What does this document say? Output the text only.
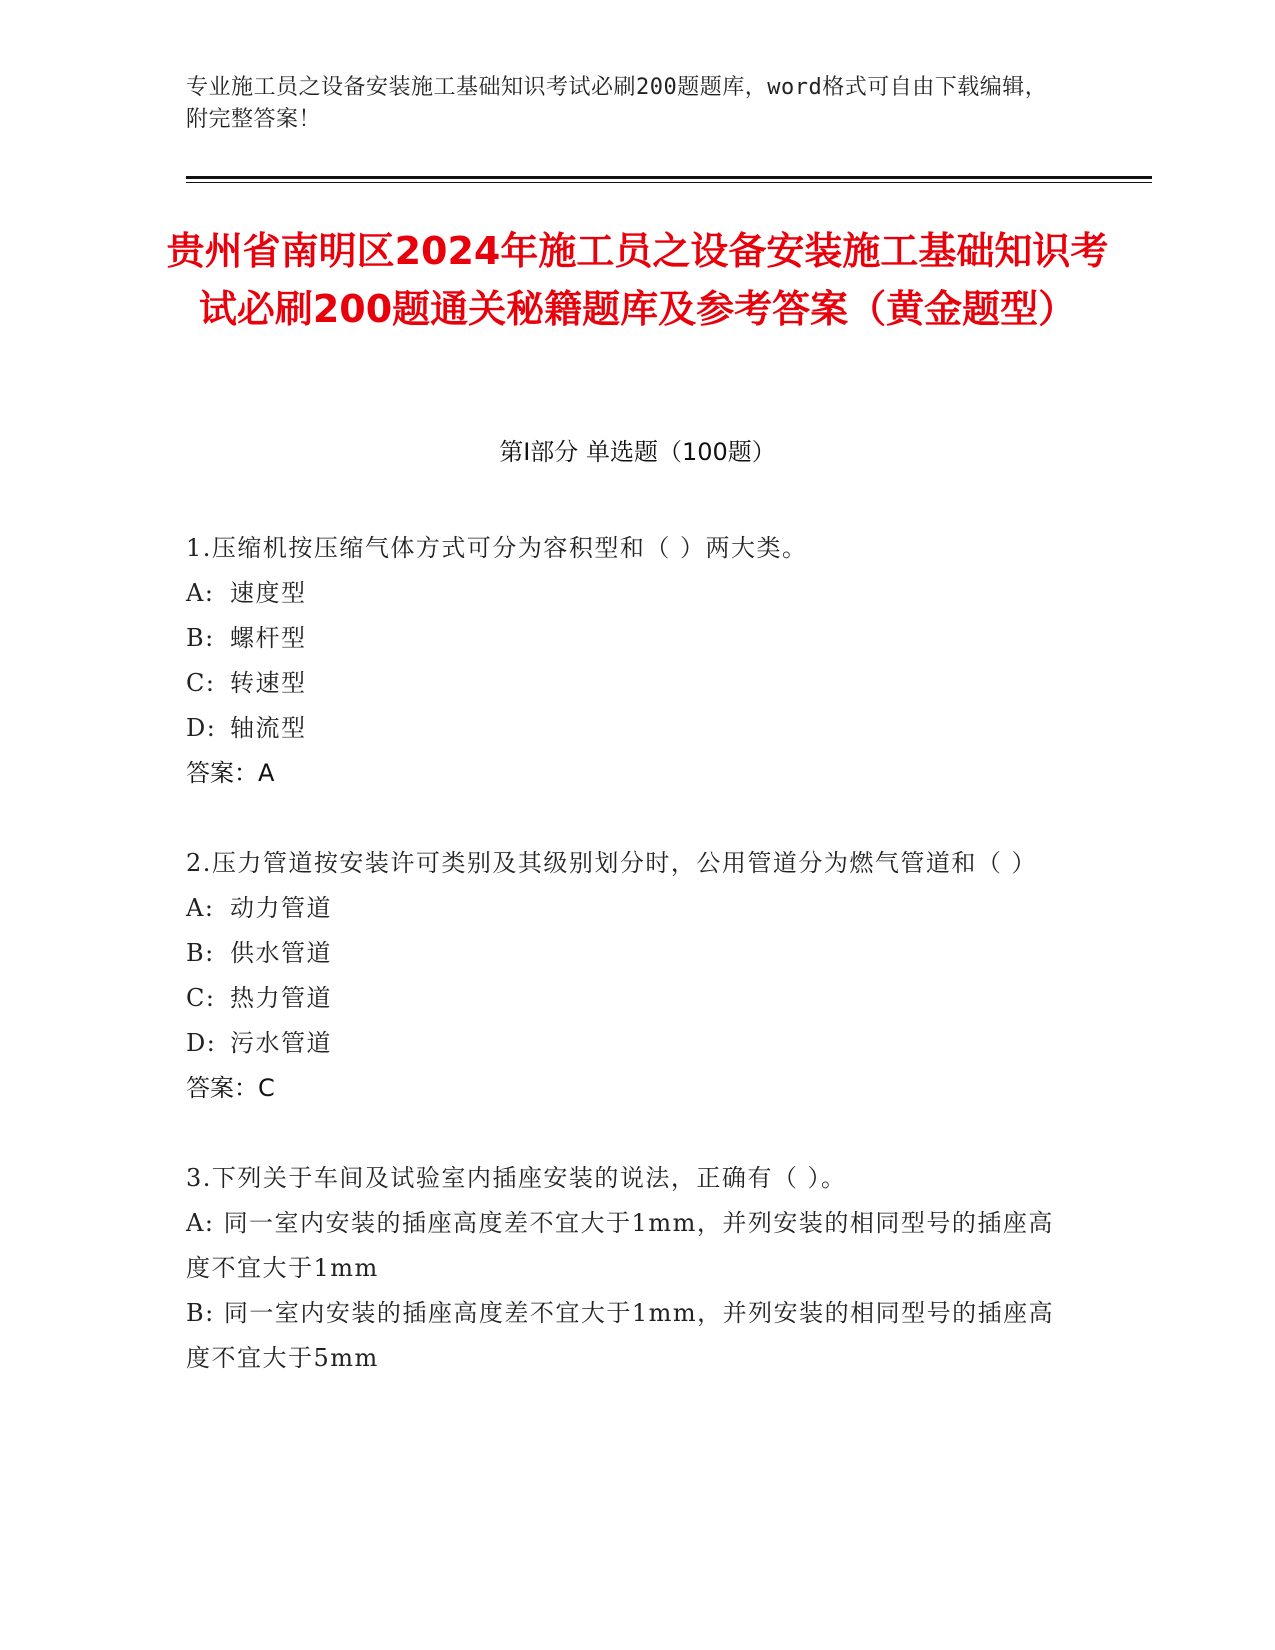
专业施工员之设备安装施工基础知识考试必刷200题题库，word格式可自由下载编辑，附完整答案！
贵州省南明区2024年施工员之设备安装施工基础知识考试必刷200题通关秘籍题库及参考答案（黄金题型）
第I部分 单选题（100题）
1.压缩机按压缩气体方式可分为容积型和（ ）两大类。
A: 速度型
B: 螺杆型
C: 转速型
D: 轴流型
答案：A
2.压力管道按安装许可类别及其级别划分时，公用管道分为燃气管道和（ ）
A: 动力管道
B: 供水管道
C: 热力管道
D: 污水管道
答案：C
3.下列关于车间及试验室内插座安装的说法，正确有（ ）。
A: 同一室内安装的插座高度差不宜大于1mm，并列安装的相同型号的插座高度不宜大于1mm
B: 同一室内安装的插座高度差不宜大于1mm，并列安装的相同型号的插座高度不宜大于5mm
